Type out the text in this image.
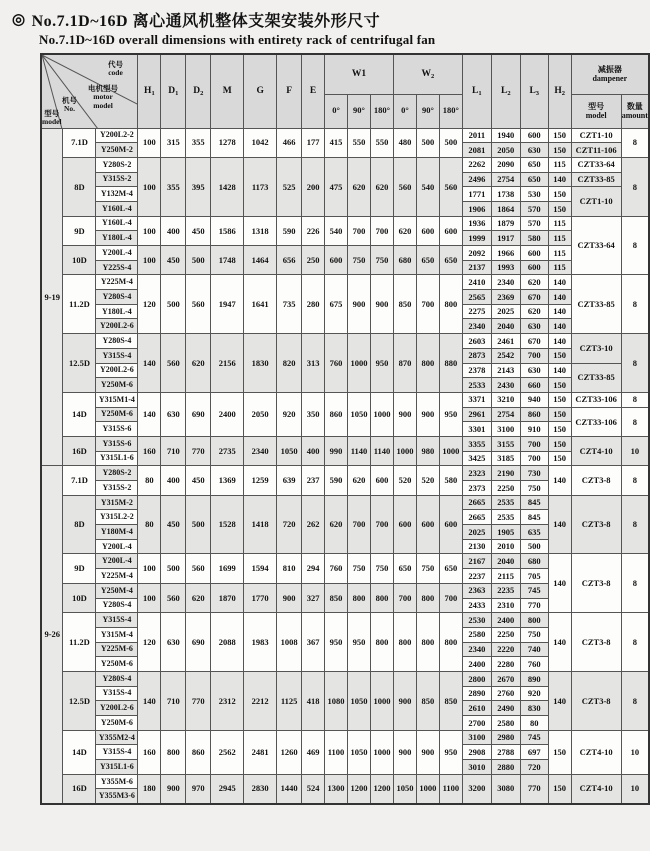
◎ No.7.1D~16D 离心通风机整体支架安装外形尺寸
No.7.1D~16D overall dimensions with entirety rack of centrifugal fan
代号
code
电机型号
motor
model
机号
No.
型号
model
	$H_1$	$D_1$	$D_2$	M	G	F	E	W1	$W_2$	$L_1$	$L_2$	$L_3$	$H_2$	
减振器
dampener

										0°	90°	180°	0°	90°	180°					型号
model	数量
amount

9-19	7.1D	Y200L2-2	100	315	355	1278	1042	466	177	415	550	550	480	500	500	2011	1940	600	150	CZT1-10	8
		Y250M-2														2081	2050	630	150	CZT11-106	
	8D	Y280S-2	100	355	395	1428	1173	525	200	475	620	620	560	540	560	2262	2090	650	115	CZT33-64	8
		Y315S-2														2496	2754	650	140	CZT33-85	
		Y132M-4														1771	1738	530	150	CZT1-10	
		Y160L-4														1906	1864	570	150		
	9D	Y160L-4	100	400	450	1586	1318	590	226	540	700	700	620	600	600	1936	1879	570	115	CZT33-64	8
		Y180L-4														1999	1917	580	115		
	10D	Y200L-4	100	450	500	1748	1464	656	250	600	750	750	680	650	650	2092	1966	600	115		
		Y225S-4														2137	1993	600	115		
	11.2D	Y225M-4	120	500	560	1947	1641	735	280	675	900	900	850	700	800	2410	2340	620	140	CZT33-85	8
		Y280S-4														2565	2369	670	140		
		Y180L-4														2275	2025	620	140		
		Y200L2-6														2340	2040	630	140		
	12.5D	Y280S-4	140	560	620	2156	1830	820	313	760	1000	950	870	800	880	2603	2461	670	140	CZT3-10	8
		Y315S-4														2873	2542	700	150		
		Y200L2-6														2378	2143	630	140	CZT33-85	
		Y250M-6														2533	2430	660	150		
	14D	Y315M1-4	140	630	690	2400	2050	920	350	860	1050	1000	900	900	950	3371	3210	940	150	CZT33-106	8
		Y250M-6														2961	2754	860	150	CZT33-106	8
		Y315S-6														3301	3100	910	150		
	16D	Y315S-6	160	710	770	2735	2340	1050	400	990	1140	1140	1000	980	1000	3355	3155	700	150	CZT4-10	10
		Y315L1-6														3425	3185	700	150		
9-26	7.1D	Y280S-2	80	400	450	1369	1259	639	237	590	620	600	520	520	580	2323	2190	730	140	CZT3-8	8
		Y315S-2														2373	2250	750			
	8D	Y315M-2	80	450	500	1528	1418	720	262	620	700	700	600	600	600	2665	2535	845	140	CZT3-8	8
		Y315L2-2														2665	2535	845			
		Y180M-4														2025	1905	635			
		Y200L-4														2130	2010	500			
	9D	Y200L-4	100	500	560	1699	1594	810	294	760	750	750	650	750	650	2167	2040	680	140	CZT3-8	8
		Y225M-4														2237	2115	705			
	10D	Y250M-4	100	560	620	1870	1770	900	327	850	800	800	700	800	700	2363	2235	745			
		Y280S-4														2433	2310	770			
	11.2D	Y315S-4	120	630	690	2088	1983	1008	367	950	950	800	800	800	800	2530	2400	800	140	CZT3-8	8
		Y315M-4														2580	2250	750			
		Y225M-6														2340	2220	740			
		Y250M-6														2400	2280	760			
	12.5D	Y280S-4	140	710	770	2312	2212	1125	418	1080	1050	1000	900	850	850	2800	2670	890	140	CZT3-8	8
		Y315S-4														2890	2760	920			
		Y200L2-6														2610	2490	830			
		Y250M-6														2700	2580	80			
	14D	Y355M2-4	160	800	860	2562	2481	1260	469	1100	1050	1000	900	900	950	3100	2980	745	150	CZT4-10	10
		Y315S-4														2908	2788	697			
		Y315L1-6														3010	2880	720			
	16D	Y355M-6	180	900	970	2945	2830	1440	524	1300	1200	1200	1050	1000	1100	3200	3080	770	150	CZT4-10	10
		Y355M3-6																			
